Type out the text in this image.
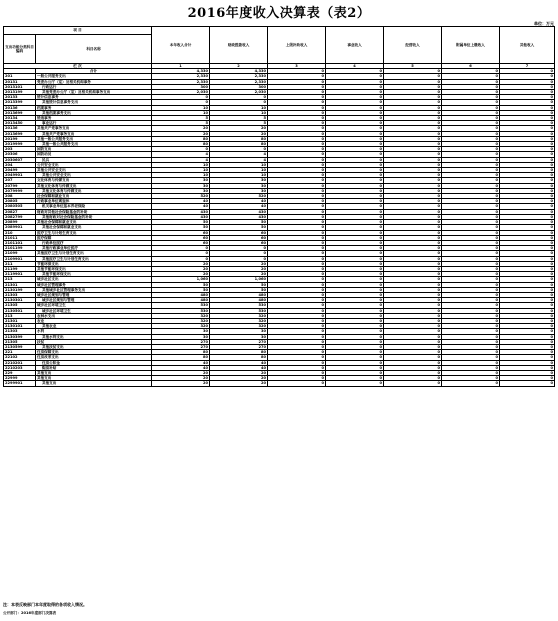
2016年度收入决算表（表2）
单位：万元
项 目		本年收入合计	财政拨款收入	上级补助收入	事业收入	经营收入	附属单位上缴收入	其他收入
支出功能分类科目编码	科目名称							
栏 次		1	2	3	4	5	6	7
	合计	4,330	4,330	0	0	0	0	0
201	一般公共服务支出	2,330	2,330	0	0	0	0	0
20131	党委办公厅（室）及相关机构事务	2,330	2,330	0	0	0	0	0
2013101	行政运行	300	300	0	0	0	0	0
2013199	其他党委办公厅（室）及相关机构事务支出	2,030	2,030	0	0	0	0	0
20133	统计信息事务	0	0	0	0	0	0	0
2013399	其他统计信息事务支出	0	0	0	0	0	0	0
20136	档案事务	10	10	0	0	0	0	0
2013699	其他档案事务支出	10	10	0	0	0	0	0
20134	统战事务	5	5	0	0	0	0	0
2013450	事业运行	5	5	0	0	0	0	0
20136	其他共产党事务支出	20	20	0	0	0	0	0
2013699	其他共产党事务支出	20	20	0	0	0	0	0
20199	其他一般公共服务支出	80	80	0	0	0	0	0
2019999	其他一般公共服务支出	80	80	0	0	0	0	0
203	国防支出	0	0	0	0	0	0	0
20306	国防动员	4	4	0	0	0	0	0
2030607	民兵	4	4	0	0	0	0	0
204	公共安全支出	10	10	0	0	0	0	0
20499	其他公共安全支出	10	10	0	0	0	0	0
2049901	其他公共安全支出	10	10	0	0	0	0	0
207	文化体育与传媒支出	30	30	0	0	0	0	0
20799	其他文化体育与传媒支出	30	30	0	0	0	0	0
2079999	其他文化体育与传媒支出	30	30	0	0	0	0	0
208	社会保障和就业支出	520	520	0	0	0	0	0
20805	行政事业单位离退休	40	40	0	0	0	0	0
2080505	机关事业单位基本养老保险	40	40	0	0	0	0	0
20827	财政对其他社会保险基金的补助	430	430	0	0	0	0	0
2082799	其他财政对社会保险基金的补助	430	430	0	0	0	0	0
20899	其他社会保障和就业支出	50	50	0	0	0	0	0
2089901	其他社会保障和就业支出	50	50	0	0	0	0	0
210	医疗卫生与计划生育支出	60	60	0	0	0	0	0
21011	医疗保障	60	60	0	0	0	0	0
2101101	行政单位医疗	60	60	0	0	0	0	0
2101199	其他行政事业单位医疗	0	0	0	0	0	0	0
21099	其他医疗卫生与计划生育支出	0	0	0	0	0	0	0
2109901	其他医疗卫生与计划生育支出	0	0	0	0	0	0	0
211	节能环保支出	20	20	0	0	0	0	0
21199	其他节能环保支出	20	20	0	0	0	0	0
2119901	其他节能环保支出	20	20	0	0	0	0	0
213	城乡社区支出	1,060	1,060	0	0	0	0	0
21301	城乡社区管理事务	50	50	0	0	0	0	0
2130199	其他城乡社区管理事务支出	50	50	0	0	0	0	0
21303	城乡社区规划与管理	480	480	0	0	0	0	0
2130301	城乡社区规划与管理	480	480	0	0	0	0	0
21305	城乡社区环境卫生	530	530	0	0	0	0	0
2130501	城乡社区环境卫生	530	530	0	0	0	0	0
213	农林水支出	320	320	0	0	0	0	0
21301	农业	320	320	0	0	0	0	0
2130101	其他农业	320	320	0	0	0	0	0
21303	水利	30	30	0	0	0	0	0
2130399	其他水利支出	30	30	0	0	0	0	0
21305	扶贫	270	270	0	0	0	0	0
2130599	其他扶贫支出	270	270	0	0	0	0	0
221	住房保障支出	80	80	0	0	0	0	0
22102	住房改革支出	80	80	0	0	0	0	0
2210201	住房公积金	40	40	0	0	0	0	0
2210203	购房补贴	40	40	0	0	0	0	0
229	其他支出	20	20	0	0	0	0	0
22999	其他支出	20	20	0	0	0	0	0
2299901	其他支出	20	20	0	0	0	0	0
注：本表反映部门本年度取得的各项收入情况。
公开部门：2016年度部门决算表
